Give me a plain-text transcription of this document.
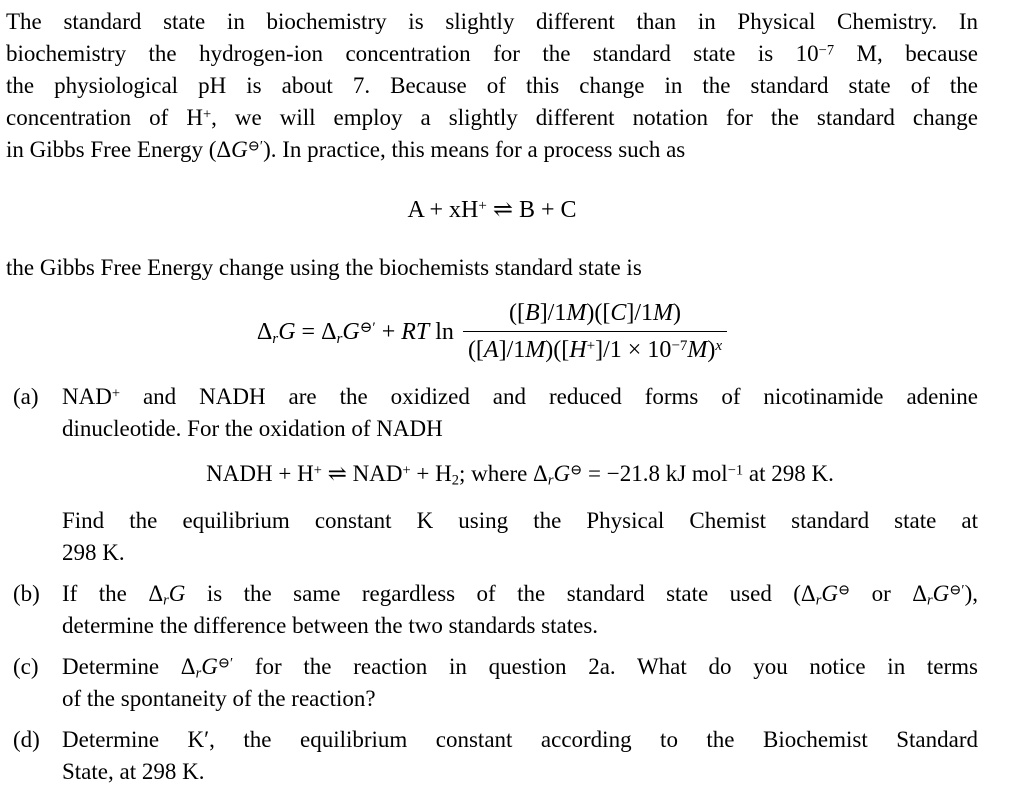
The standard state in biochemistry is slightly different than in Physical Chemistry. In
biochemistry the hydrogen-ion concentration for the standard state is $10^{-7}$ M, because
the physiological pH is about 7. Because of this change in the standard state of the
concentration of H+, we will employ a slightly different notation for the standard change
in Gibbs Free Energy (ΔG⊖′). In practice, this means for a process such as
A + xH+ ⇌ B + C
the Gibbs Free Energy change using the biochemists standard state is
$\Delta_rG = \Delta_rG^{⊖'}$ + RT $\ln \frac{([B]/1M)([C]/1M)}{([A]/1M)([H^+]/1 \times 10^{-7}M)^x}$
(a)	NAD+ and NADH are the oxidized and reduced forms of nicotinamide adenine
dinucleotide. For the oxidation of NADH
NADH + H+ ⇌ $NAD^+ + H_2$; where $\Delta_rG^⊖ = -21.8$ kJ mol$^{-1}$ at 298 K.
Find the equilibrium constant K using the Physical Chemist standard state at
298 K.
(b) If the $\Delta_rG$ is the same regardless of the standard state used ($\Delta_rG^⊖$ or $\Delta_rG^{⊖'}$),
determine the difference between the two standards states.
(c)	Determine $\Delta_rG^{⊖'}$ for the reaction in question 2a. What do you notice in terms
of the spontaneity of the reaction?
(d) Determine K′, the equilibrium constant according to the Biochemist Standard
State, at 298 K.
